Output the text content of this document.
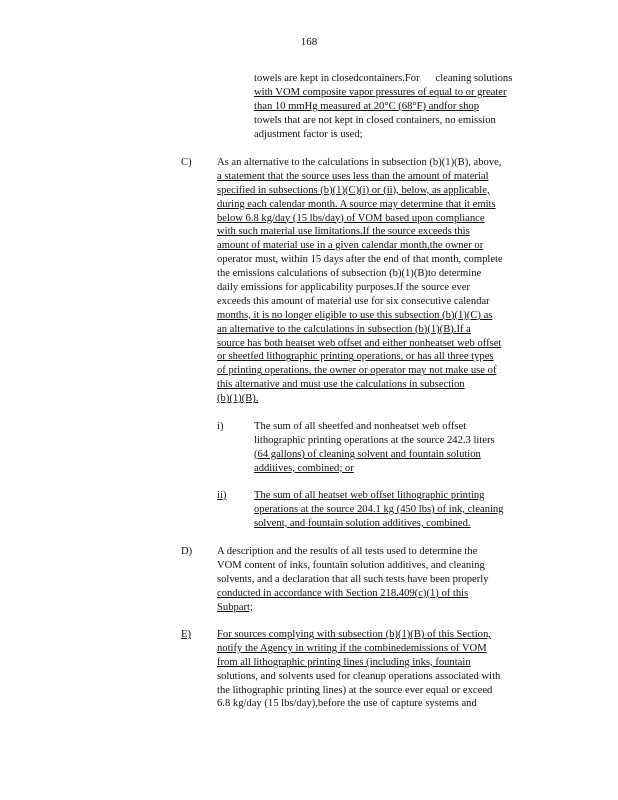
168
towels are kept in closedcontainers.For      cleaning solutions
with VOM composite vapor pressures of equal to or greater
than 10 mmHg measured at 20°C (68°F) andfor shop
towels that are not kept in closed containers, no emission
adjustment factor is used;
C) As an alternative to the calculations in subsection (b)(1)(B), above,
a statement that the source uses less than the amount of material
specified in subsections (b)(1)(C)(i) or (ii), below, as applicable,
during each calendar month. A source may determine that it emits
below 6.8 kg/day (15 lbs/day) of VOM based upon compliance
with such material use limitations.If the source exceeds this
amount of material use in a given calendar month,the owner or
operator must, within 15 days after the end of that month, complete
the emissions calculations of subsection (b)(1)(B)to determine
daily emissions for applicability purposes.If the source ever
exceeds this amount of material use for six consecutive calendar
months, it is no longer eligible to use this subsection (b)(1)(C) as
an alternative to the calculations in subsection (b)(1)(B).If a
source has both heatset web offset and either nonheatset web offset
or sheetfed lithographic printing operations, or has all three types
of printing operations, the owner or operator may not make use of
this alternative and must use the calculations in subsection
(b)(1)(B).
i)	The sum of all sheetfed and nonheatset web offset
lithographic printing operations at the source 242.3 liters
(64 gallons) of cleaning solvent and fountain solution
additives, combined; or
ii)	The sum of all heatset web offset lithographic printing
operations at the source 204.1 kg (450 lbs) of ink, cleaning
solvent, and fountain solution additives, combined.
D) A description and the results of all tests used to determine the
VOM content of inks, fountain solution additives, and cleaning
solvents, and a declaration that all such tests have been properly
conducted in accordance with Section 218.409(c)(1) of this
Subpart;
E) For sources complying with subsection (b)(1)(B) of this Section,
notify the Agency in writing if the combinedemissions of VOM
from all lithographic printing lines (including inks, fountain
solutions, and solvents used for cleanup operations associated with
the lithographic printing lines) at the source ever equal or exceed
6.8 kg/day (15 lbs/day),before the use of capture systems and
